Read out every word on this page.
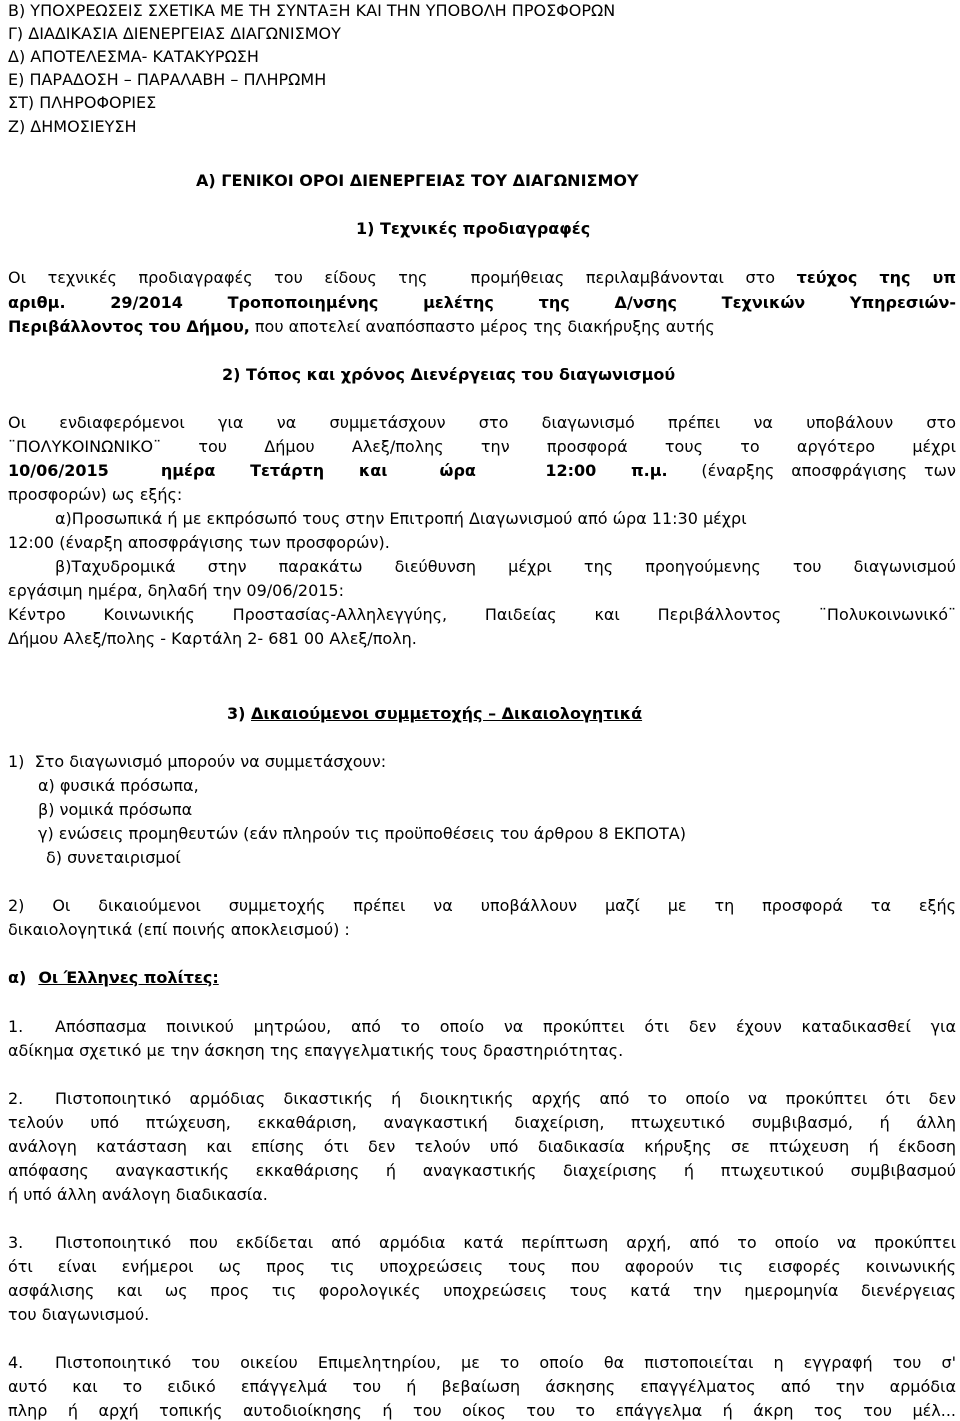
Β) ΥΠΟΧΡΕΩΣΕΙΣ ΣΧΕΤΙΚΑ ΜΕ ΤΗ ΣΥΝΤΑΞΗ ΚΑΙ ΤΗΝ ΥΠΟΒΟΛΗ ΠΡΟΣΦΟΡΩΝ
Γ) ΔΙΑΔΙΚΑΣΙΑ ΔΙΕΝΕΡΓΕΙΑΣ ΔΙΑΓΩΝΙΣΜΟΥ
Δ) ΑΠΟΤΕΛΕΣΜΑ- ΚΑΤΑΚΥΡΩΣΗ
Ε) ΠΑΡΑΔΟΣΗ – ΠΑΡΑΛΑΒΗ – ΠΛΗΡΩΜΗ
ΣΤ) ΠΛΗΡΟΦΟΡΙΕΣ
Ζ) ΔΗΜΟΣΙΕΥΣΗ
Α) ΓΕΝΙΚΟΙ ΟΡΟΙ ΔΙΕΝΕΡΓΕΙΑΣ ΤΟΥ ΔΙΑΓΩΝΙΣΜΟΥ
1) Τεχνικές προδιαγραφές
Οι τεχνικές προδιαγραφές του είδους της  προμήθειας περιλαμβάνονται στο τεύχος της υπ
αριθμ. 29/2014 Τροποποιημένης μελέτης της Δ/νσης Τεχνικών Υπηρεσιών-
Περιβάλλοντος του Δήμου, που αποτελεί αναπόσπαστο μέρος της διακήρυξης αυτής
2) Τόπος και χρόνος Διενέργειας του διαγωνισμού
Οι ενδιαφερόμενοι για να συμμετάσχουν στο διαγωνισμό πρέπει να υποβάλουν στο
¨ΠΟΛΥΚΟΙΝΩΝΙΚΟ¨ του Δήμου Αλεξ/πολης την προσφορά τους το αργότερο μέχρι
10/06/2015   ημέρα  Τετάρτη  και   ώρα    12:00  π.μ.  (έναρξης αποσφράγισης των
προσφορών) ως εξής:
α)Προσωπικά ή με εκπρόσωπό τους στην Επιτροπή Διαγωνισμού από ώρα 11:30 μέχρι
12:00 (έναρξη αποσφράγισης των προσφορών).
β)Ταχυδρομικά στην παρακάτω διεύθυνση μέχρι της προηγούμενης του διαγωνισμού
εργάσιμη ημέρα, δηλαδή την 09/06/2015:
Κέντρο Κοινωνικής Προστασίας-Αλληλεγγύης, Παιδείας και Περιβάλλοντος ¨Πολυκοινωνικό¨
Δήμου Αλεξ/πολης - Καρτάλη 2- 681 00 Αλεξ/πολη.
3) Δικαιούμενοι συμμετοχής – Δικαιολογητικά
1)  Στο διαγωνισμό μπορούν να συμμετάσχουν:
α) φυσικά πρόσωπα,
β) νομικά πρόσωπα
γ) ενώσεις προμηθευτών (εάν πληρούν τις προϋποθέσεις του άρθρου 8 ΕΚΠΟΤΑ)
δ) συνεταιρισμοί
2) Οι δικαιούμενοι συμμετοχής πρέπει να υποβάλλουν μαζί με τη προσφορά τα εξής
δικαιολογητικά (επί ποινής αποκλεισμού) :
α) Οι Έλληνες πολίτες:
1. Απόσπασμα ποινικού μητρώου, από το οποίο να προκύπτει ότι δεν έχουν καταδικασθεί για
αδίκημα σχετικό με την άσκηση της επαγγελματικής τους δραστηριότητας.
2. Πιστοποιητικό αρμόδιας δικαστικής ή διοικητικής αρχής από το οποίο να προκύπτει ότι δεν
τελούν υπό πτώχευση, εκκαθάριση, αναγκαστική διαχείριση, πτωχευτικό συμβιβασμό, ή άλλη
ανάλογη κατάσταση και επίσης ότι δεν τελούν υπό διαδικασία κήρυξης σε πτώχευση ή έκδοση
απόφασης αναγκαστικής εκκαθάρισης ή αναγκαστικής διαχείρισης ή πτωχευτικού συμβιβασμού
ή υπό άλλη ανάλογη διαδικασία.
3. Πιστοποιητικό που εκδίδεται από αρμόδια κατά περίπτωση αρχή, από το οποίο να προκύπτει
ότι είναι ενήμεροι ως προς τις υποχρεώσεις τους που αφορούν τις εισφορές κοινωνικής
ασφάλισης και ως προς τις φορολογικές υποχρεώσεις τους κατά την ημερομηνία διενέργειας
του διαγωνισμού.
4. Πιστοποιητικό του οικείου Επιμελητηρίου, με το οποίο θα πιστοποιείται η εγγραφή του σ'
αυτό και το ειδικό επάγγελμά του ή βεβαίωση άσκησης επαγγέλματος από την αρμόδια
πληρ ή αρχή τοπικής αυτοδιοίκησης ή του οίκος του το επάγγελμα ή άκρη τος του μέλ...
